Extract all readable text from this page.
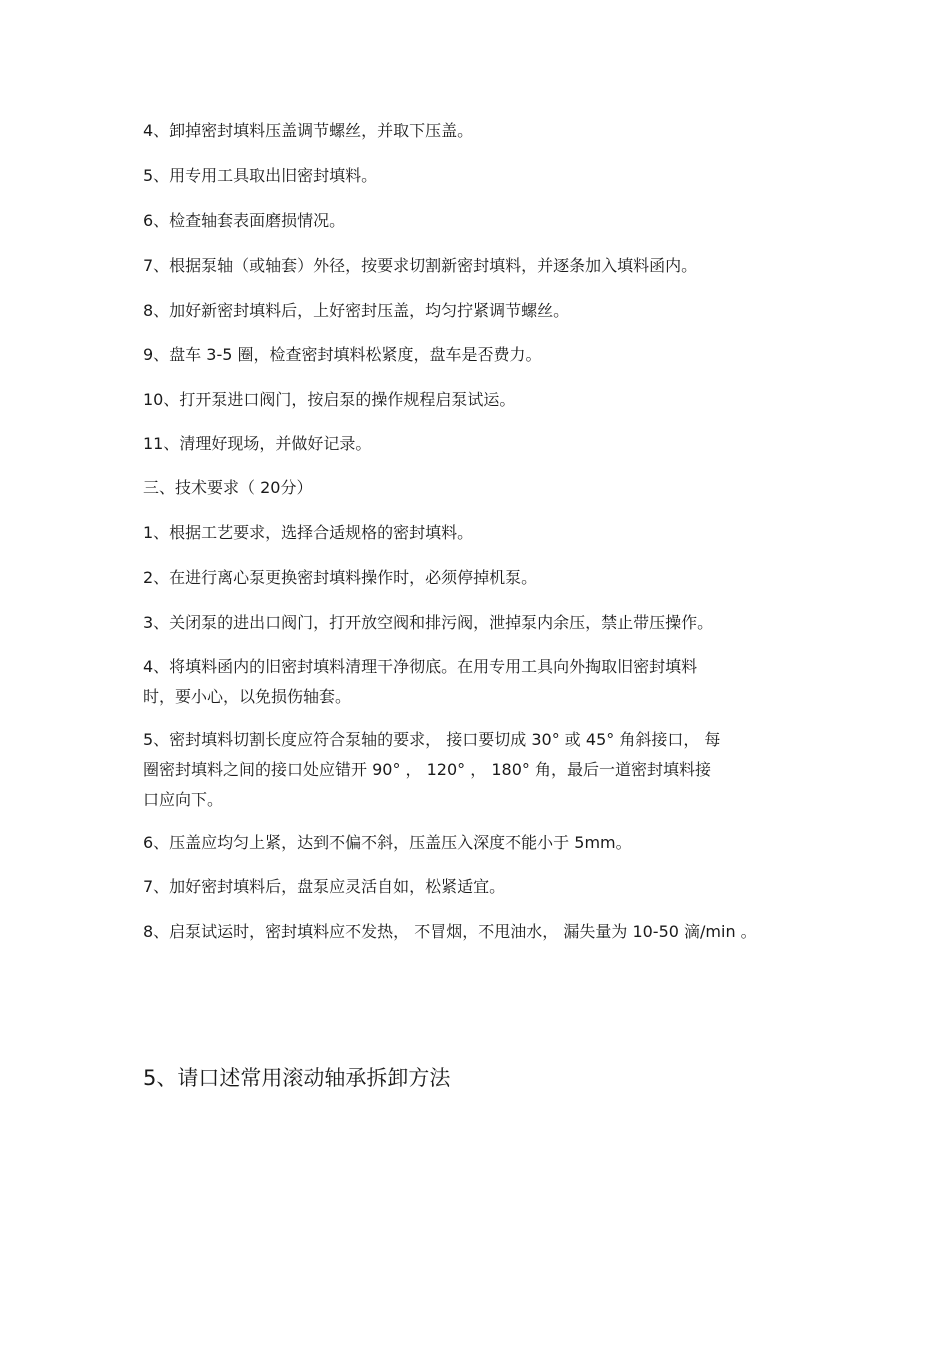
4、卸掉密封填料压盖调节螺丝，并取下压盖。
5、用专用工具取出旧密封填料。
6、检查轴套表面磨损情况。
7、根据泵轴（或轴套）外径，按要求切割新密封填料，并逐条加入填料函内。
8、加好新密封填料后，上好密封压盖，均匀拧紧调节螺丝。
9、盘车 3-5 圈，检查密封填料松紧度，盘车是否费力。
10、打开泵进口阀门，按启泵的操作规程启泵试运。
11、清理好现场，并做好记录。
三、技术要求（ 20分）
1、根据工艺要求，选择合适规格的密封填料。
2、在进行离心泵更换密封填料操作时，必须停掉机泵。
3、关闭泵的进出口阀门，打开放空阀和排污阀，泄掉泵内余压，禁止带压操作。
4、将填料函内的旧密封填料清理干净彻底。在用专用工具向外掏取旧密封填料
时，要小心，以免损伤轴套。
5、密封填料切割长度应符合泵轴的要求， 接口要切成 30° 或 45° 角斜接口， 每
圈密封填料之间的接口处应错开 90° ， 120° ， 180° 角，最后一道密封填料接
口应向下。
6、压盖应均匀上紧，达到不偏不斜，压盖压入深度不能小于 5mm。
7、加好密封填料后，盘泵应灵活自如，松紧适宜。
8、启泵试运时，密封填料应不发热， 不冒烟，不甩油水， 漏失量为 10-50 滴/min 。
5、请口述常用滚动轴承拆卸方法
